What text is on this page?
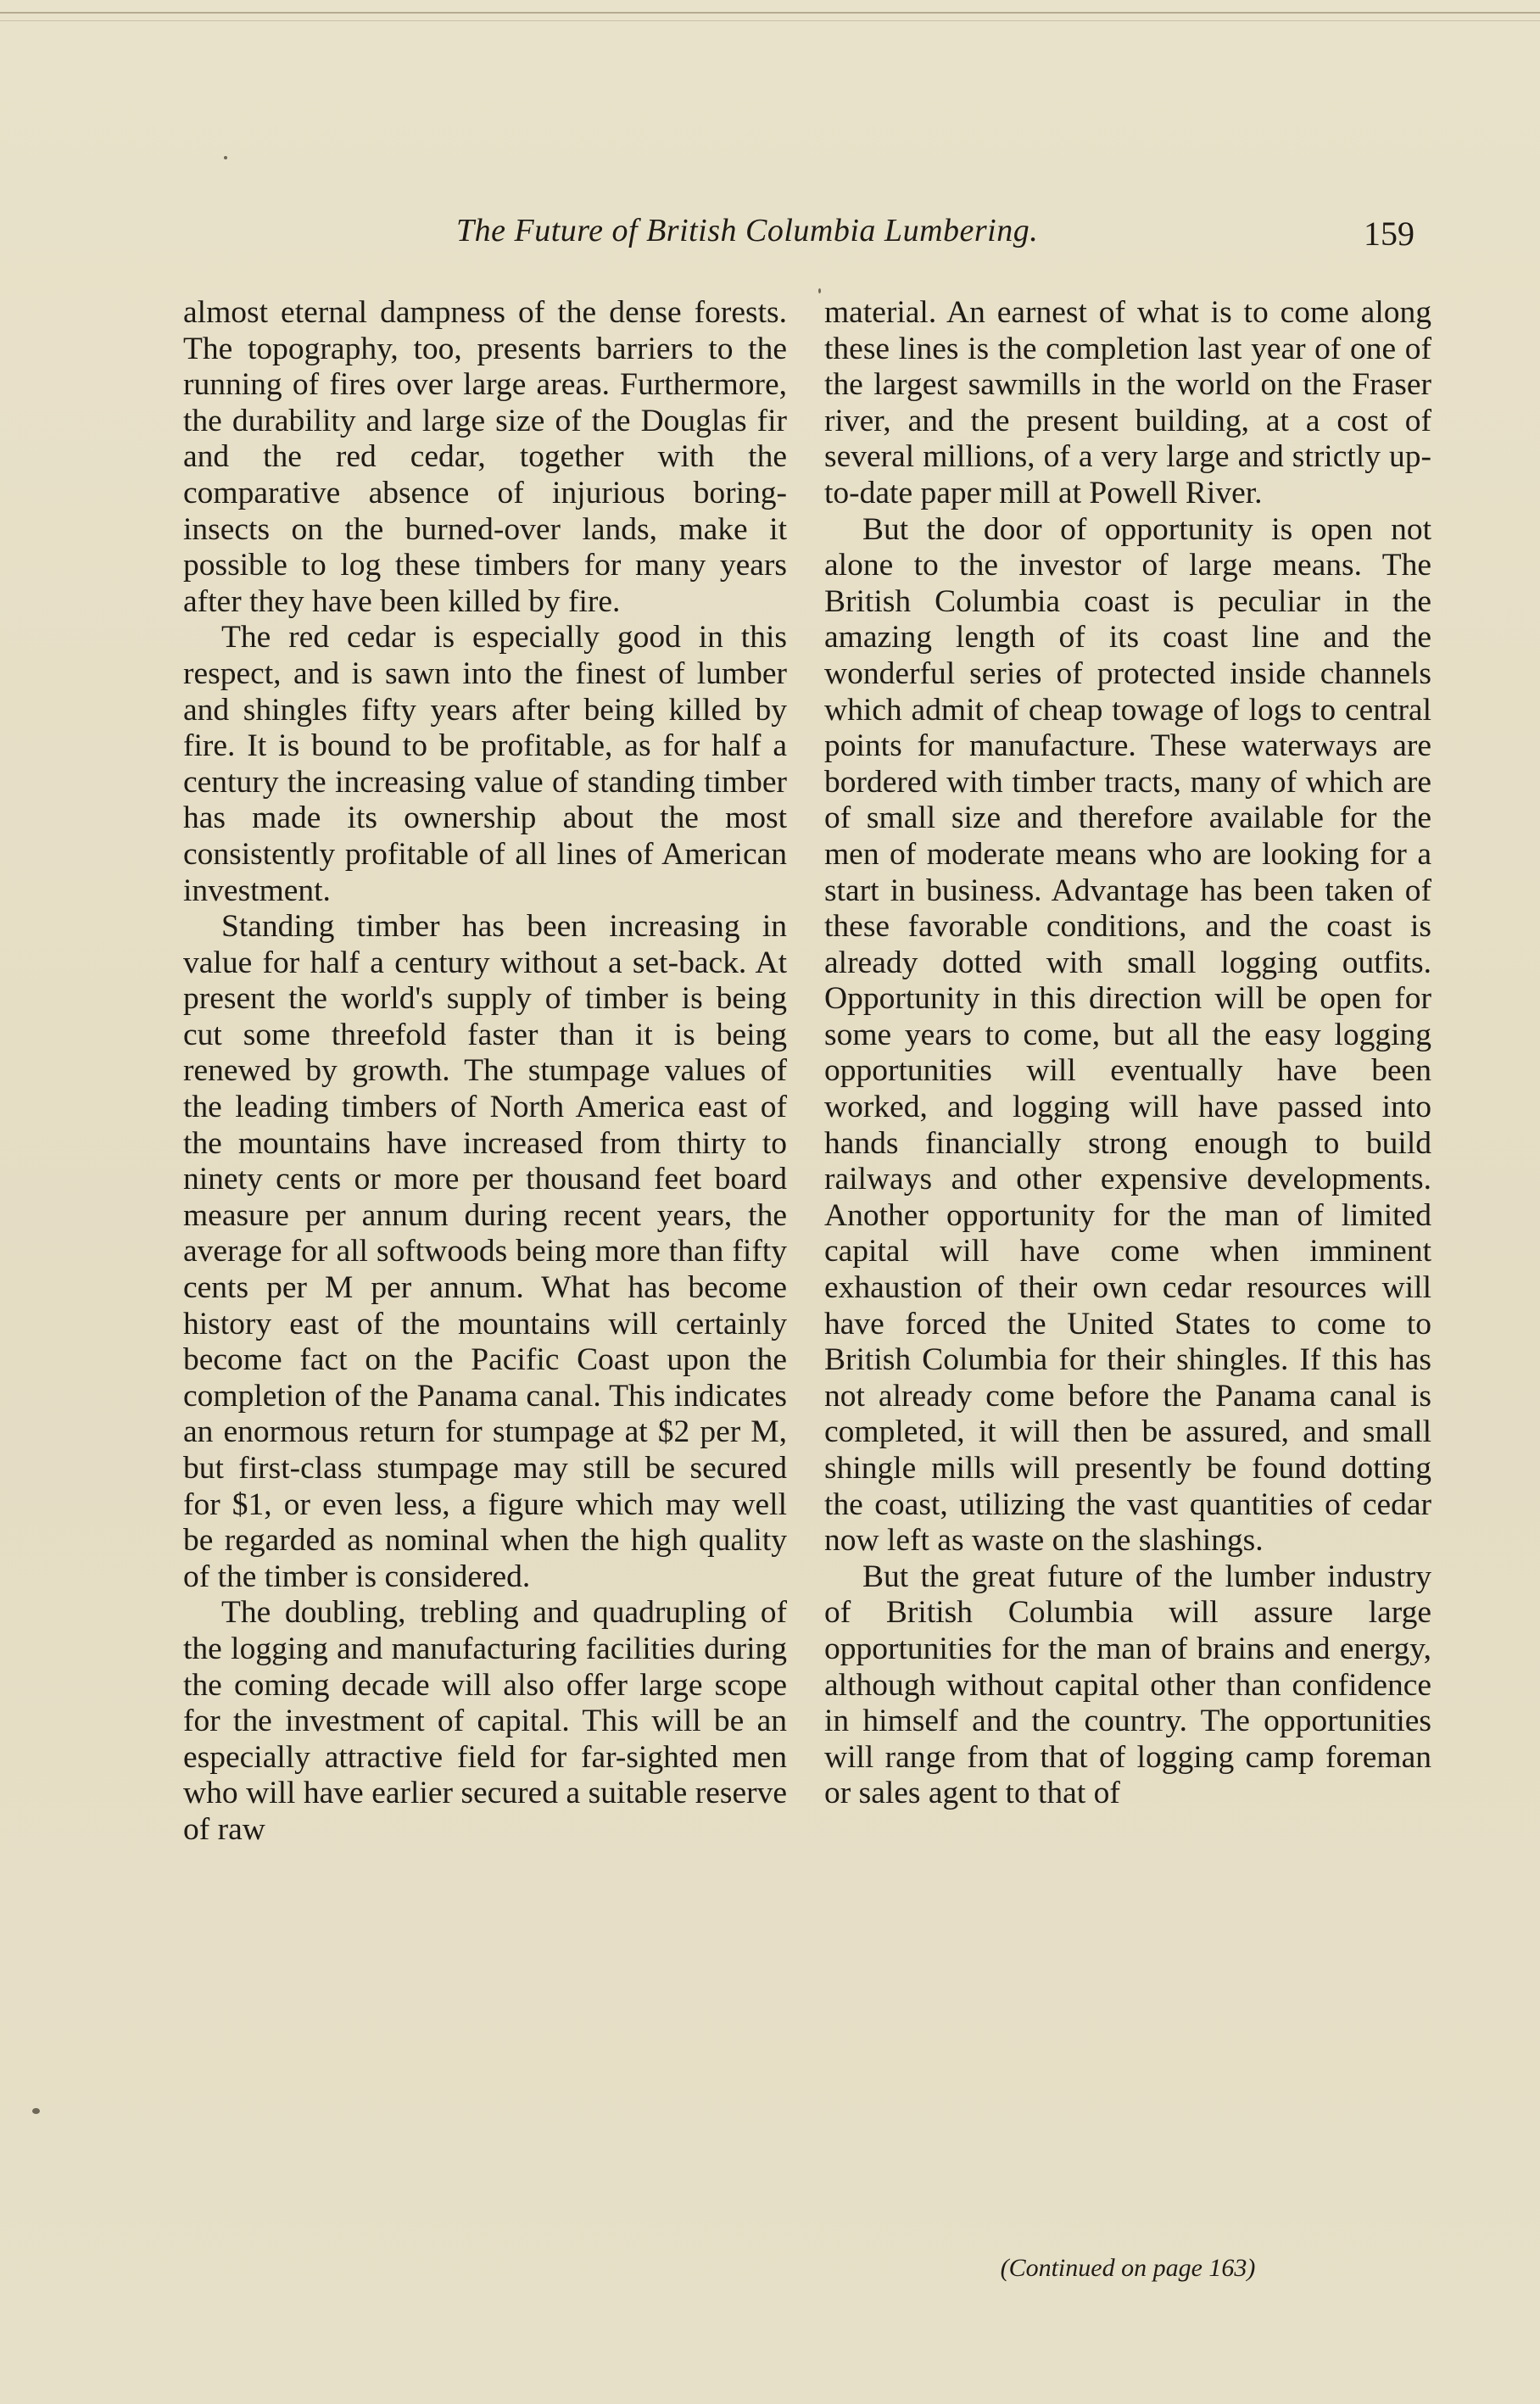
The Future of British Columbia Lumbering.	159

almost eternal dampness of the dense forests. The topography, too, presents barriers to the running of fires over large areas. Furthermore, the durability and large size of the Douglas fir and the red cedar, together with the comparative absence of injurious boring-insects on the burned-over lands, make it possible to log these timbers for many years after they have been killed by fire.

The red cedar is especially good in this respect, and is sawn into the finest of lumber and shingles fifty years after being killed by fire. It is bound to be profitable, as for half a century the increasing value of standing timber has made its ownership about the most consistently profitable of all lines of American investment.

Standing timber has been increasing in value for half a century without a set-back. At present the world's supply of timber is being cut some threefold faster than it is being renewed by growth. The stumpage values of the leading timbers of North America east of the mountains have increased from thirty to ninety cents or more per thousand feet board measure per annum during recent years, the average for all softwoods being more than fifty cents per M per annum. What has become history east of the mountains will certainly become fact on the Pacific Coast upon the completion of the Panama canal. This indicates an enormous return for stumpage at $2 per M, but first-class stumpage may still be secured for $1, or even less, a figure which may well be regarded as nominal when the high quality of the timber is considered.

The doubling, trebling and quadrupling of the logging and manufacturing facilities during the coming decade will also offer large scope for the investment of capital. This will be an especially attractive field for far-sighted men who will have earlier secured a suitable reserve of raw

material. An earnest of what is to come along these lines is the completion last year of one of the largest sawmills in the world on the Fraser river, and the present building, at a cost of several millions, of a very large and strictly up-to-date paper mill at Powell River.

But the door of opportunity is open not alone to the investor of large means. The British Columbia coast is peculiar in the amazing length of its coast line and the wonderful series of protected inside channels which admit of cheap towage of logs to central points for manufacture. These waterways are bordered with timber tracts, many of which are of small size and therefore available for the men of moderate means who are looking for a start in business. Advantage has been taken of these favorable conditions, and the coast is already dotted with small logging outfits. Opportunity in this direction will be open for some years to come, but all the easy logging opportunities will eventually have been worked, and logging will have passed into hands financially strong enough to build railways and other expensive developments. Another opportunity for the man of limited capital will have come when imminent exhaustion of their own cedar resources will have forced the United States to come to British Columbia for their shingles. If this has not already come before the Panama canal is completed, it will then be assured, and small shingle mills will presently be found dotting the coast, utilizing the vast quantities of cedar now left as waste on the slashings.

But the great future of the lumber industry of British Columbia will assure large opportunities for the man of brains and energy, although without capital other than confidence in himself and the country. The opportunities will range from that of logging camp foreman or sales agent to that of

(Continued on page 163)
